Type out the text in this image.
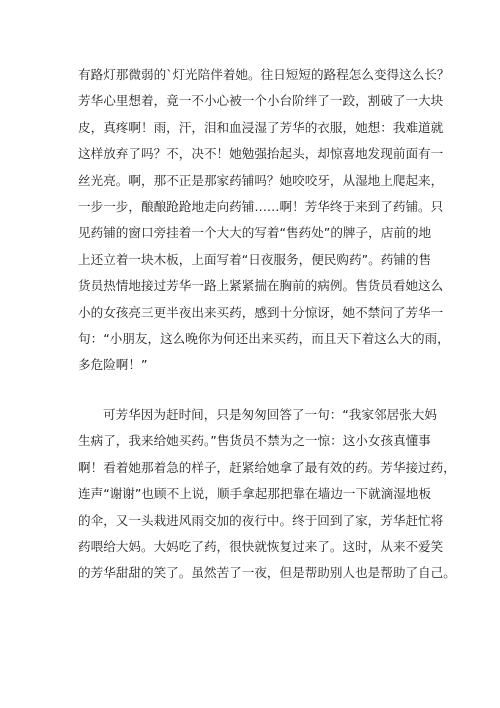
有路灯那微弱的`灯光陪伴着她。往日短短的路程怎么变得这么长？
芳华心里想着，竟一不小心被一个小台阶绊了一跤，割破了一大块
皮，真疼啊！雨，汗，泪和血浸湿了芳华的衣服，她想：我难道就
这样放弃了吗？不，决不！她勉强抬起头，却惊喜地发现前面有一
丝光亮。啊，那不正是那家药铺吗？她咬咬牙，从湿地上爬起来，
一步一步，酿酿跄跄地走向药铺……啊！芳华终于来到了药铺。只
见药铺的窗口旁挂着一个大大的写着“售药处”的牌子，店前的地
上还立着一块木板，上面写着“日夜服务，便民购药”。药铺的售
货员热情地接过芳华一路上紧紧揣在胸前的病例。售货员看她这么
小的女孩亮三更半夜出来买药，感到十分惊讶，她不禁问了芳华一
句：“小朋友，这么晚你为何还出来买药，而且天下着这么大的雨，
多危险啊！”
可芳华因为赶时间，只是匆匆回答了一句：“我家邻居张大妈
生病了，我来给她买药。”售货员不禁为之一惊：这小女孩真懂事
啊！看着她那着急的样子，赶紧给她拿了最有效的药。芳华接过药，
连声“谢谢”也顾不上说，顺手拿起那把靠在墙边一下就滴湿地板
的伞，又一头栽进风雨交加的夜行中。终于回到了家，芳华赶忙将
药喂给大妈。大妈吃了药，很快就恢复过来了。这时，从来不爱笑
的芳华甜甜的笑了。虽然苦了一夜，但是帮助别人也是帮助了自己。
